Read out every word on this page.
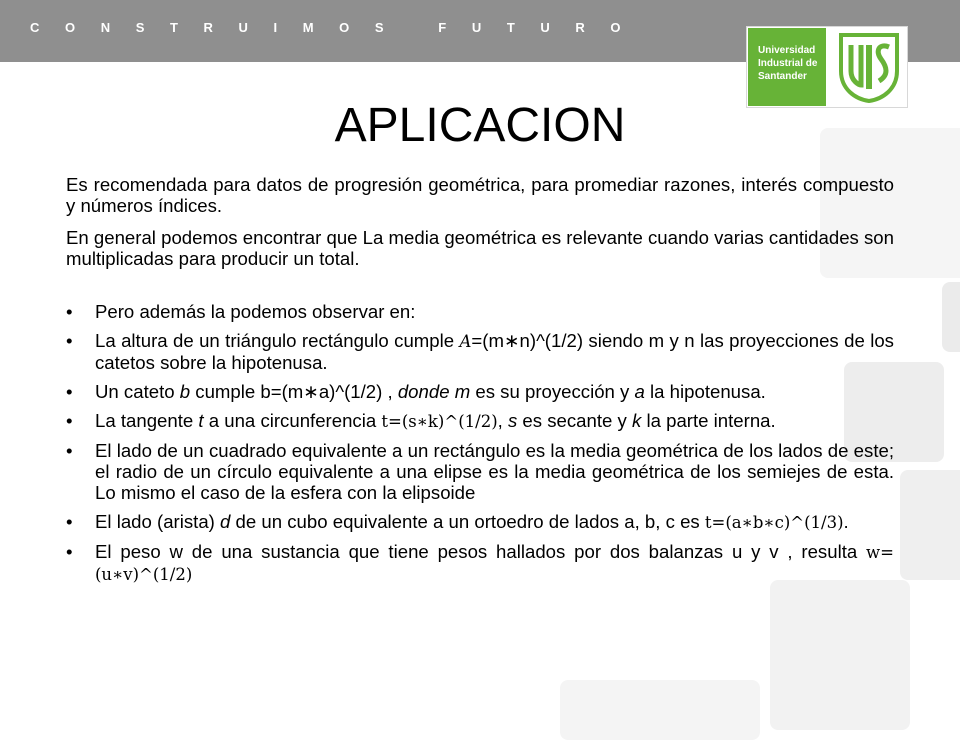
CONSTRUIMOS FUTURO
Universidad
Industrial de
Santander
APLICACION

Es recomendada para datos de progresión geométrica, para promediar razones, interés compuesto y números índices.

En general podemos encontrar que La media geométrica es relevante cuando varias cantidades son multiplicadas para producir un total.

• Pero además la podemos observar en:
• La altura de un triángulo rectángulo cumple 𝐴=(m∗n)^(1/2) siendo m y n las proyecciones de los catetos sobre la hipotenusa.
• Un cateto b cumple b=(m∗a)^(1/2) , donde m es su proyección y a la hipotenusa.
• La tangente t a una circunferencia t=(s∗k)^(1/2), s es secante y k la parte interna.
• El lado de un cuadrado equivalente a un rectángulo es la media geométrica de los lados de este; el radio de un círculo equivalente a una elipse es la media geométrica de los semiejes de esta. Lo mismo el caso de la esfera con la elipsoide
• El lado (arista) d de un cubo equivalente a un ortoedro de lados a, b, c es t=(a∗b∗c)^(1/3).
• El peso w de una sustancia que tiene pesos hallados por dos balanzas u y v , resulta w=(u∗v)^(1/2)
